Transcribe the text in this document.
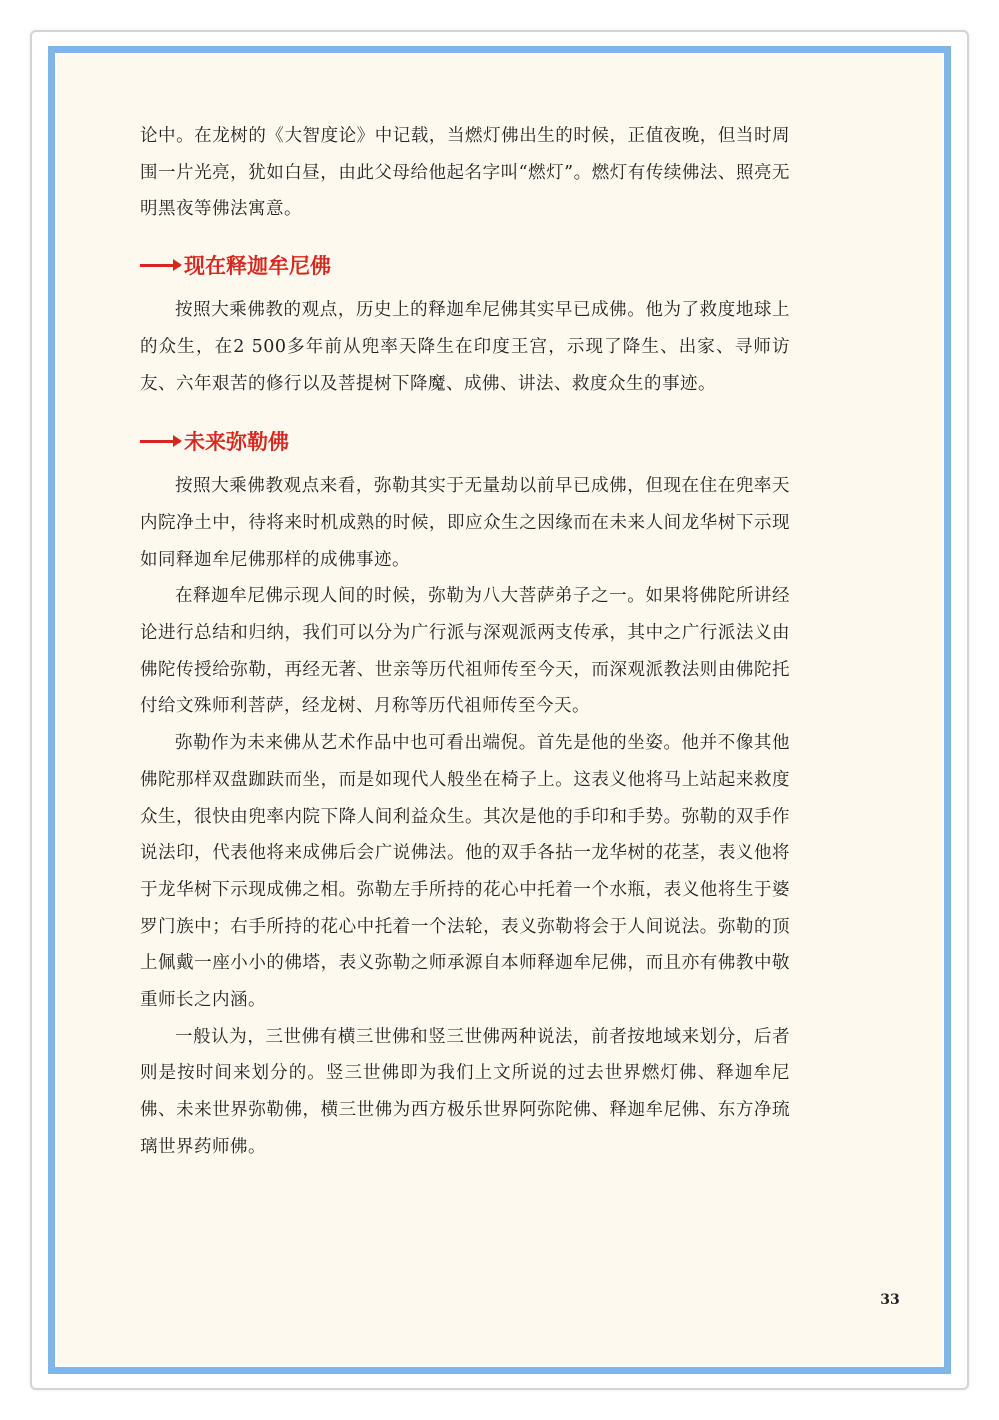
论中。在龙树的《大智度论》中记载，当燃灯佛出生的时候，正值夜晚，但当时周围一片光亮，犹如白昼，由此父母给他起名字叫“燃灯”。燃灯有传续佛法、照亮无明黑夜等佛法寓意。

现在释迦牟尼佛

按照大乘佛教的观点，历史上的释迦牟尼佛其实早已成佛。他为了救度地球上的众生，在2 500多年前从兜率天降生在印度王宫，示现了降生、出家、寻师访友、六年艰苦的修行以及菩提树下降魔、成佛、讲法、救度众生的事迹。

未来弥勒佛

按照大乘佛教观点来看，弥勒其实于无量劫以前早已成佛，但现在住在兜率天内院净土中，待将来时机成熟的时候，即应众生之因缘而在未来人间龙华树下示现如同释迦牟尼佛那样的成佛事迹。

在释迦牟尼佛示现人间的时候，弥勒为八大菩萨弟子之一。如果将佛陀所讲经论进行总结和归纳，我们可以分为广行派与深观派两支传承，其中之广行派法义由佛陀传授给弥勒，再经无著、世亲等历代祖师传至今天，而深观派教法则由佛陀托付给文殊师利菩萨，经龙树、月称等历代祖师传至今天。

弥勒作为未来佛从艺术作品中也可看出端倪。首先是他的坐姿。他并不像其他佛陀那样双盘跏趺而坐，而是如现代人般坐在椅子上。这表义他将马上站起来救度众生，很快由兜率内院下降人间利益众生。其次是他的手印和手势。弥勒的双手作说法印，代表他将来成佛后会广说佛法。他的双手各拈一龙华树的花茎，表义他将于龙华树下示现成佛之相。弥勒左手所持的花心中托着一个水瓶，表义他将生于婆罗门族中；右手所持的花心中托着一个法轮，表义弥勒将会于人间说法。弥勒的顶上佩戴一座小小的佛塔，表义弥勒之师承源自本师释迦牟尼佛，而且亦有佛教中敬重师长之内涵。

一般认为，三世佛有横三世佛和竖三世佛两种说法，前者按地域来划分，后者则是按时间来划分的。竖三世佛即为我们上文所说的过去世界燃灯佛、释迦牟尼佛、未来世界弥勒佛，横三世佛为西方极乐世界阿弥陀佛、释迦牟尼佛、东方净琉璃世界药师佛。

33
